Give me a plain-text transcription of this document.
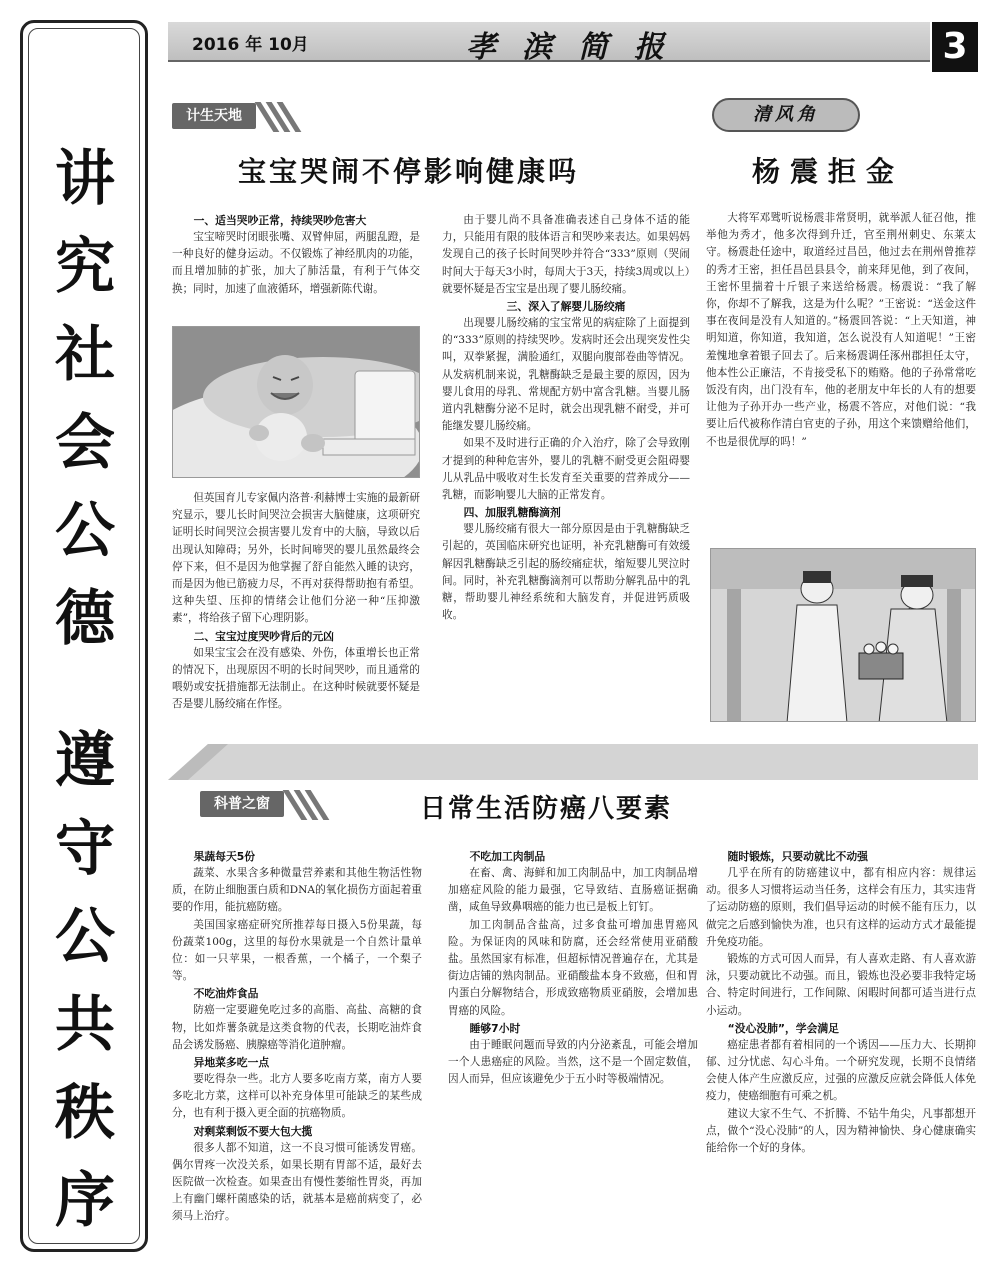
讲究社会公德
遵守公共秩序
2016 年 10月	孝滨简报	3
计生天地
宝宝哭闹不停影响健康吗
清风角
杨震拒金
一、适当哭吵正常，持续哭吵危害大
宝宝啼哭时闭眼张嘴、双臂伸屈，两腿乱蹬，是一种良好的健身运动。不仅锻炼了神经肌肉的功能，而且增加肺的扩张，加大了肺活量，有利于气体交换；同时，加速了血液循环，增强新陈代谢。
但英国育儿专家佩内洛普·利赫博士实施的最新研究显示，婴儿长时间哭泣会损害大脑健康，这项研究证明长时间哭泣会损害婴儿发育中的大脑，导致以后出现认知障碍；另外，长时间啼哭的婴儿虽然最终会停下来，但不是因为他掌握了舒自能然入睡的诀窍，而是因为他已筋疲力尽，不再对获得帮助抱有希望。这种失望、压抑的情绪会让他们分泌一种“压抑激素”，将给孩子留下心理阴影。
二、宝宝过度哭吵背后的元凶
如果宝宝会在没有感染、外伤，体重增长也正常的情况下，出现原因不明的长时间哭吵，而且通常的喂奶或安抚措施都无法制止。在这种时候就要怀疑是否是婴儿肠绞痛在作怪。
由于婴儿尚不具备准确表述自己身体不适的能力，只能用有限的肢体语言和哭吵来表达。如果妈妈发现自己的孩子长时间哭吵并符合“333”原则（哭闹时间大于每天3小时，每周大于3天，持续3周或以上）就要怀疑是否宝宝是出现了婴儿肠绞痛。
三、深入了解婴儿肠绞痛
出现婴儿肠绞痛的宝宝常见的病症除了上面提到的“333”原则的持续哭吵。发病时还会出现突发性尖叫，双拳紧握，满脸通红，双腿向腹部卷曲等情况。从发病机制来说，乳糖酶缺乏是最主要的原因，因为婴儿食用的母乳、常规配方奶中富含乳糖。当婴儿肠道内乳糖酶分泌不足时，就会出现乳糖不耐受，并可能继发婴儿肠绞痛。
如果不及时进行正确的介入治疗，除了会导致刚才提到的种种危害外，婴儿的乳糖不耐受更会阻碍婴儿从乳品中吸收对生长发育至关重要的营养成分——乳糖，而影响婴儿大脑的正常发育。
四、加服乳糖酶滴剂
婴儿肠绞痛有很大一部分原因是由于乳糖酶缺乏引起的，英国临床研究也证明，补充乳糖酶可有效缓解因乳糖酶缺乏引起的肠绞痛症状，缩短婴儿哭泣时间。同时，补充乳糖酶滴剂可以帮助分解乳品中的乳糖，帮助婴儿神经系统和大脑发育，并促进钙质吸收。
大将军邓骘听说杨震非常贤明，就举派人征召他，推举他为秀才，他多次得到升迁，官至荆州刺史、东莱太守。杨震赴任途中，取道经过昌邑，他过去在荆州曾推荐的秀才王密，担任昌邑县县令，前来拜见他，到了夜间，王密怀里揣着十斤银子来送给杨震。杨震说：“我了解你，你却不了解我，这是为什么呢？”王密说：“送金这件事在夜间是没有人知道的。”杨震回答说：“上天知道，神明知道，你知道，我知道，怎么说没有人知道呢！”王密羞愧地拿着银子回去了。后来杨震调任涿州郡担任太守，他本性公正廉洁，不肯接受私下的贿赂。他的子孙常常吃饭没有肉，出门没有车，他的老朋友中年长的人有的想要让他为子孙开办一些产业，杨震不答应，对他们说：“我要让后代被称作清白官吏的子孙，用这个来馈赠给他们，不也是很优厚的吗！”
科普之窗	日常生活防癌八要素
果蔬每天5份
蔬菜、水果含多种微量营养素和其他生物活性物质，在防止细胞蛋白质和DNA的氧化损伤方面起着重要的作用，能抗癌防癌。
美国国家癌症研究所推荐每日摄入5份果蔬，每份蔬菜100g，这里的每份水果就是一个自然计量单位：如一只苹果，一根香蕉，一个橘子，一个梨子等。
不吃油炸食品
防癌一定要避免吃过多的高脂、高盐、高糖的食物，比如炸薯条就是这类食物的代表，长期吃油炸食品会诱发肠癌、胰腺癌等消化道肿瘤。
异地菜多吃一点
要吃得杂一些。北方人要多吃南方菜，南方人要多吃北方菜，这样可以补充身体里可能缺乏的某些成分，也有利于摄入更全面的抗癌物质。
对剩菜剩饭不要大包大揽
很多人都不知道，这一不良习惯可能诱发胃癌。偶尔胃疼一次没关系，如果长期有胃部不适，最好去医院做一次检查。如果查出有慢性萎缩性胃炎，再加上有幽门螺杆菌感染的话，就基本是癌前病变了，必须马上治疗。
不吃加工肉制品
在畜、禽、海鲜和加工肉制品中，加工肉制品增加癌症风险的能力最强，它导致结、直肠癌证据确凿，咸鱼导致鼻咽癌的能力也已是板上钉钉。
加工肉制品含盐高，过多食盐可增加患胃癌风险。为保证肉的风味和防腐，还会经常使用亚硝酸盐。虽然国家有标准，但超标情况普遍存在，尤其是街边店铺的熟肉制品。亚硝酸盐本身不致癌，但和胃内蛋白分解物结合，形成致癌物质亚硝胺，会增加患胃癌的风险。
睡够7小时
由于睡眠问题而导致的内分泌紊乱，可能会增加一个人患癌症的风险。当然，这不是一个固定数值，因人而异，但应该避免少于五小时等极端情况。
随时锻炼，只要动就比不动强
几乎在所有的防癌建议中，都有相应内容：规律运动。很多人习惯将运动当任务，这样会有压力，其实违背了运动防癌的原则，我们倡导运动的时候不能有压力，以做完之后感到愉快为准，也只有这样的运动方式才最能提升免疫功能。
锻炼的方式可因人而异，有人喜欢走路、有人喜欢游泳，只要动就比不动强。而且，锻炼也没必要非我特定场合、特定时间进行，工作间隙、闲暇时间都可适当进行点小运动。
“没心没肺”，学会满足
癌症患者都有着相同的一个诱因——压力大、长期抑郁、过分忧虑、勾心斗角。一个研究发现，长期不良情绪会使人体产生应激反应，过强的应激反应就会降低人体免疫力，使癌细胞有可乘之机。
建议大家不生气、不折腾、不钻牛角尖，凡事都想开点，做个“没心没肺”的人，因为精神愉快、身心健康确实能给你一个好的身体。
